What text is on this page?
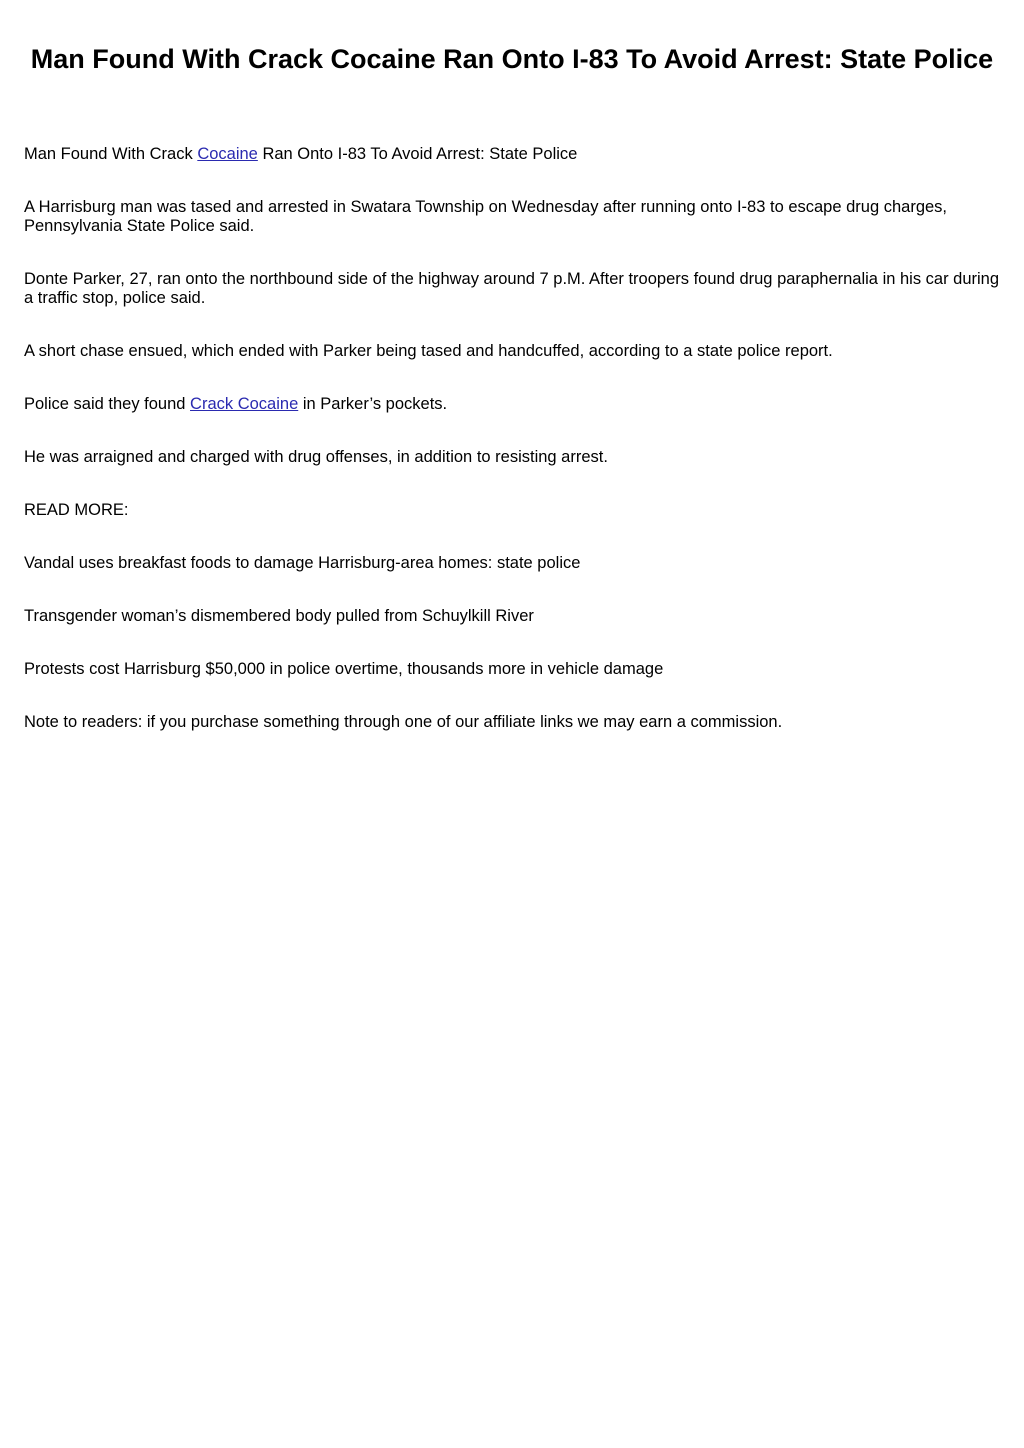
Man Found With Crack Cocaine Ran Onto I-83 To Avoid Arrest: State Police

Man Found With Crack Cocaine Ran Onto I-83 To Avoid Arrest: State Police

A Harrisburg man was tased and arrested in Swatara Township on Wednesday after running onto I-83 to escape drug charges, Pennsylvania State Police said.

Donte Parker, 27, ran onto the northbound side of the highway around 7 p.M. After troopers found drug paraphernalia in his car during a traffic stop, police said.

A short chase ensued, which ended with Parker being tased and handcuffed, according to a state police report.

Police said they found Crack Cocaine in Parker’s pockets.

He was arraigned and charged with drug offenses, in addition to resisting arrest.

READ MORE:

Vandal uses breakfast foods to damage Harrisburg-area homes: state police

Transgender woman’s dismembered body pulled from Schuylkill River

Protests cost Harrisburg $50,000 in police overtime, thousands more in vehicle damage

Note to readers: if you purchase something through one of our affiliate links we may earn a commission.
